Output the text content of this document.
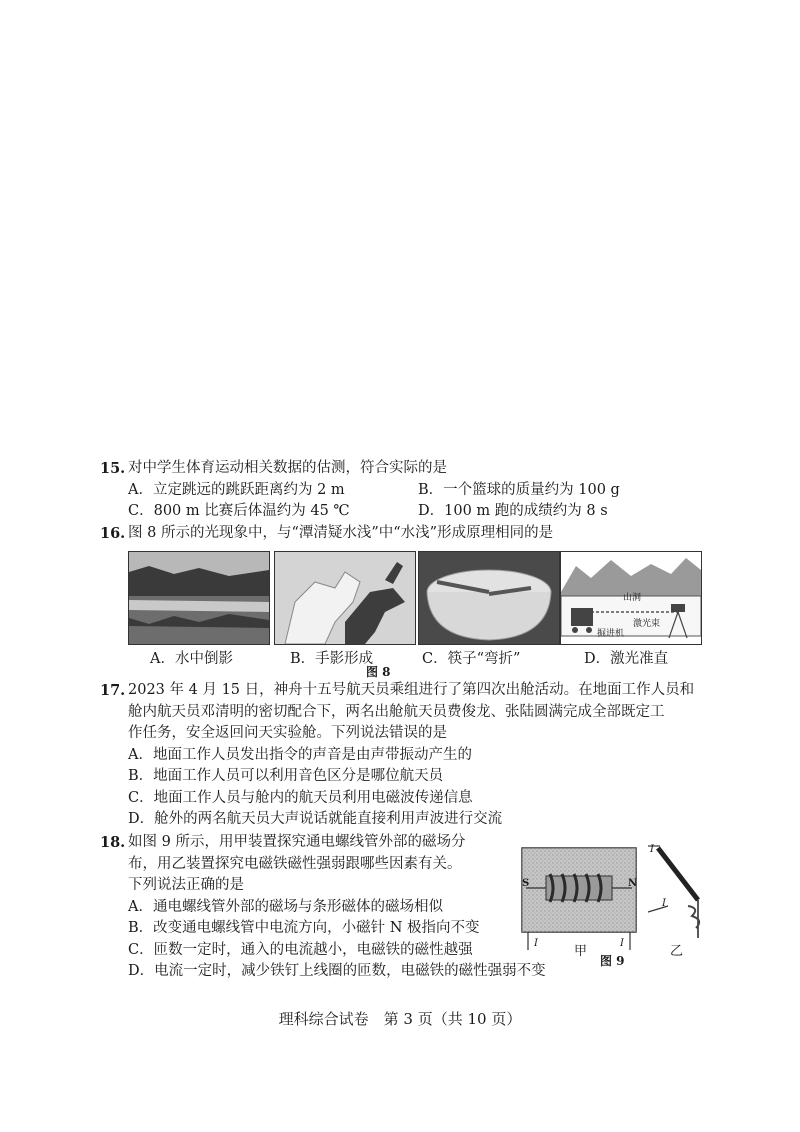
15. 对中学生体育运动相关数据的估测，符合实际的是
A．立定跳远的跳跃距离约为 2 m	B．一个篮球的质量约为 100 g
C．800 m 比赛后体温约为 45 ℃	D．100 m 跑的成绩约为 8 s
16. 图 8 所示的光现象中，与“潭清疑水浅”中“水浅”形成原理相同的是
A．水中倒影	B．手影形成	C．筷子“弯折”
山洞
激光束
掘进机
D．激光准直
图 8
17. 2023 年 4 月 15 日，神舟十五号航天员乘组进行了第四次出舱活动。在地面工作人员和
舱内航天员邓清明的密切配合下，两名出舱航天员费俊龙、张陆圆满完成全部既定工
作任务，安全返回问天实验舱。下列说法错误的是
A．地面工作人员发出指令的声音是由声带振动产生的
B．地面工作人员可以利用音色区分是哪位航天员
C．地面工作人员与舱内的航天员利用电磁波传递信息
D．舱外的两名航天员大声说话就能直接利用声波进行交流
18. 如图 9 所示，用甲装置探究通电螺线管外部的磁场分
布，用乙装置探究电磁铁磁性强弱跟哪些因素有关。
下列说法正确的是
A．通电螺线管外部的磁场与条形磁体的磁场相似
B．改变通电螺线管中电流方向，小磁针 N 极指向不变
C．匝数一定时，通入的电流越小，电磁铁的磁性越强
D．电流一定时，减少铁钉上线圈的匝数，电磁铁的磁性强弱不变
S	N
I	I
甲
I
I
乙
图 9
理科综合试卷　第 3 页（共 10 页）
